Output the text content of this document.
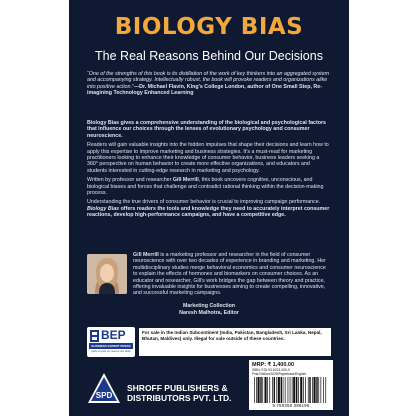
BIOLOGY BIAS
The Real Reasons Behind Our Decisions
“One of the strengths of this book is its distillation of the work of key thinkers into an aggregated system and accompanying strategy. Intellectually robust, the book will provoke readers and organizations alike into positive action.”—Dr. Michael Flavin, King's College London, author of One Small Step, Re-imagining Technology Enhanced Learning

Biology Bias gives a comprehensive understanding of the biological and psychological factors that influence our choices through the lenses of evolutionary psychology and consumer neuroscience.

Readers will gain valuable insights into the hidden impulses that shape their decisions and learn how to apply this expertise to improve marketing and business strategies. It’s a must-read for marketing practitioners looking to enhance their knowledge of consumer behavior, business leaders seeking a 360° perspective on human behavior to create more effective organizations, and educators and students interested in cutting-edge research in marketing and psychology.

Written by professor and researcher Gill Merrill, this book uncovers cognitive, unconscious, and biological biases and forces that challenge and contradict rational thinking within the decision-making process.

Understanding the true drivers of consumer behavior is crucial to improving campaign performance. Biology Bias offers readers the tools and knowledge they need to accurately interpret consumer reactions, develop high-performance campaigns, and have a competitive edge.

Gill Merrill is a marketing professor and researcher in the field of consumer neuroscience with over two decades of experience in branding and marketing. Her multidisciplinary studies merge behavioral economics and consumer neuroscience to explain the effects of hormones and biomarkers on consumer choices. As an educator and researcher, Gill’s work bridges the gap between theory and practice, offering invaluable insights for businesses aiming to create compelling, innovative, and successful marketing campaigns.
Marketing Collection
Naresh Malhotra, Editor
BEP
BUSINESS EXPERT PRESS
guide to good you need is your ideas
For sale in the Indian Subcontinent (India, Pakistan, Bangladesh, Sri Lanka, Nepal, Bhutan, Maldives) only. Illegal for sale outside of these countries.
SPD
SHROFF PUBLISHERS & DISTRIBUTORS PVT. LTD.
MRP: ₹ 1,400.00
ISBN: 978-93-5213-000-0
First Edition/2025/Paperback/English
9 789368 088196
